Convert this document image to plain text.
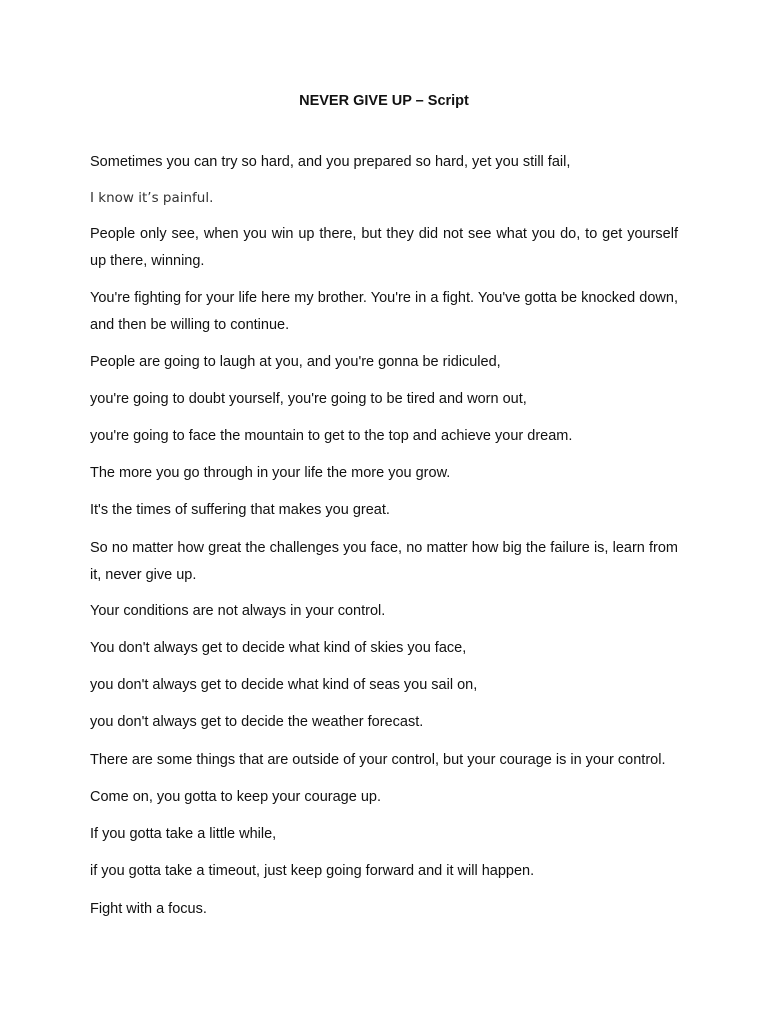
NEVER GIVE UP – Script

Sometimes you can try so hard, and you prepared so hard, yet you still fail,

I know it’s painful.

People only see, when you win up there, but they did not see what you do, to get yourself up there, winning.

You're fighting for your life here my brother. You're in a fight. You've gotta be knocked down, and then be willing to continue.

People are going to laugh at you, and you're gonna be ridiculed,

you're going to doubt yourself, you're going to be tired and worn out,

you're going to face the mountain to get to the top and achieve your dream.

The more you go through in your life the more you grow.

It's the times of suffering that makes you great.

So no matter how great the challenges you face, no matter how big the failure is, learn from it, never give up.

Your conditions are not always in your control.

You don't always get to decide what kind of skies you face,

you don't always get to decide what kind of seas you sail on,

you don't always get to decide the weather forecast.

There are some things that are outside of your control, but your courage is in your control.

Come on, you gotta to keep your courage up.

If you gotta take a little while,

if you gotta take a timeout, just keep going forward and it will happen.

Fight with a focus.
